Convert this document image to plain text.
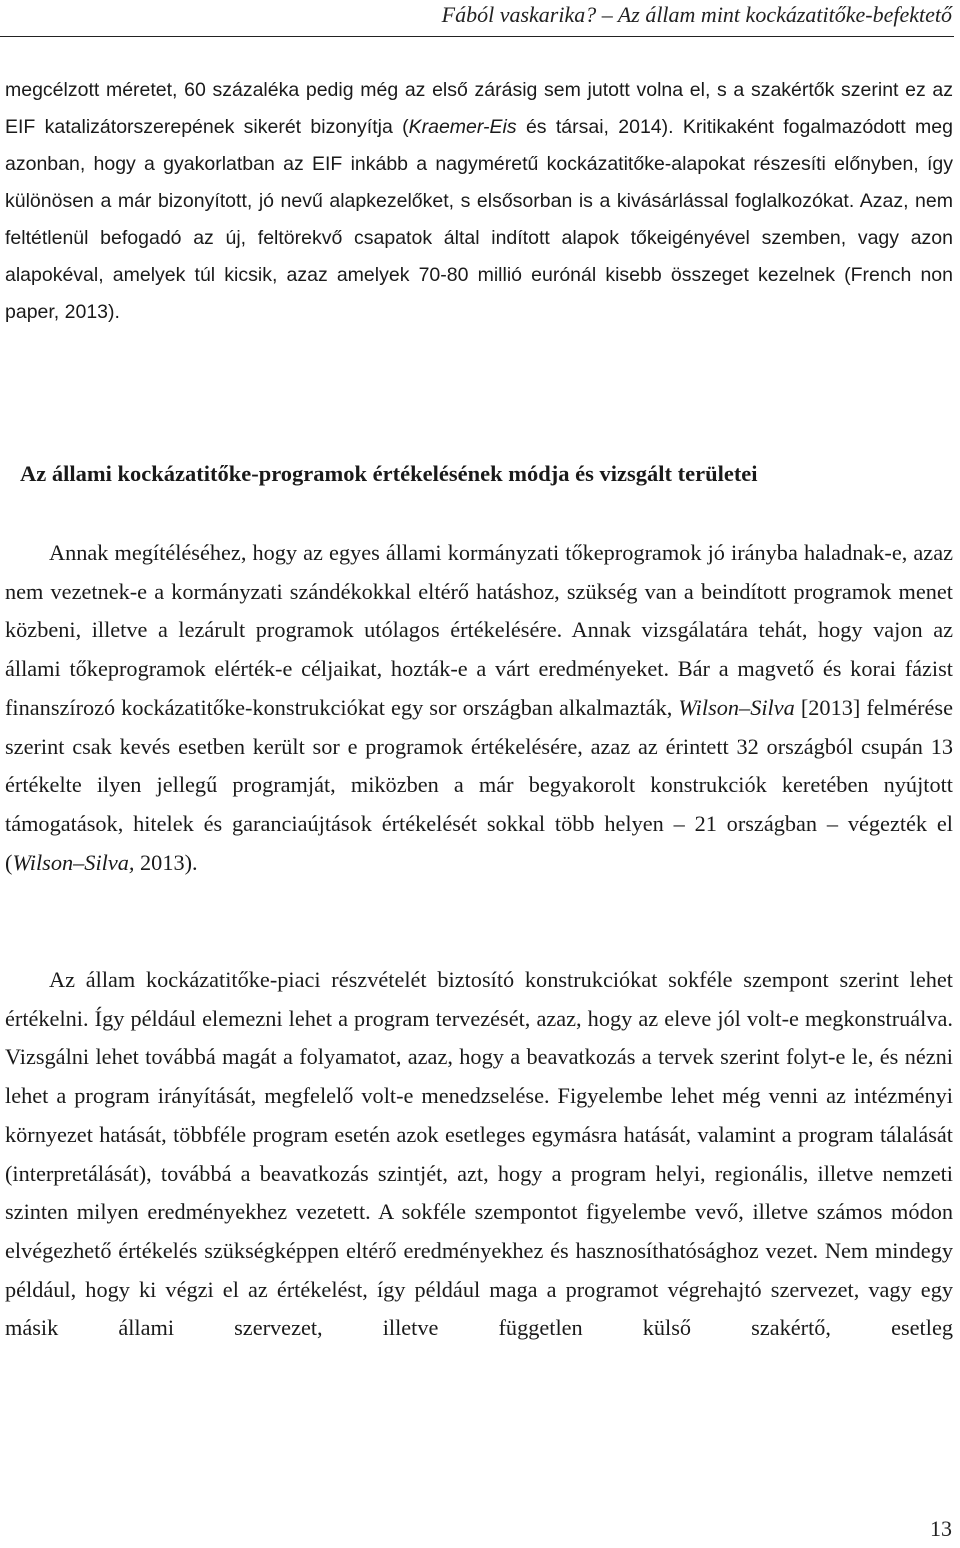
Fából vaskarika? – Az állam mint kockázatitőke-befektető

megcélzott méretet, 60 százaléka pedig még az első zárásig sem jutott volna el, s a szakértők szerint ez az EIF katalizátorszerepének sikerét bizonyítja (Kraemer-Eis és társai, 2014). Kritikaként fogalmazódott meg azonban, hogy a gyakorlatban az EIF inkább a nagyméretű kockázatitőke-alapokat részesíti előnyben, így különösen a már bizonyított, jó nevű alapkezelőket, s elsősorban is a kivásárlással foglalkozókat. Azaz, nem feltétlenül befogadó az új, feltörekvő csapatok által indított alapok tőkeigényével szemben, vagy azon alapokéval, amelyek túl kicsik, azaz amelyek 70-80 millió eurónál kisebb összeget kezelnek (French non paper, 2013).

Az állami kockázatitőke-programok értékelésének módja és vizsgált területei

Annak megítéléséhez, hogy az egyes állami kormányzati tőkeprogramok jó irányba haladnak-e, azaz nem vezetnek-e a kormányzati szándékokkal eltérő hatáshoz, szükség van a beindított programok menet közbeni, illetve a lezárult programok utólagos értékelésére. Annak vizsgálatára tehát, hogy vajon az állami tőkeprogramok elérték-e céljaikat, hozták-e a várt eredményeket. Bár a magvető és korai fázist finanszírozó kockázatitőke-konstrukciókat egy sor országban alkalmazták, Wilson–Silva [2013] felmérése szerint csak kevés esetben került sor e programok értékelésére, azaz az érintett 32 országból csupán 13 értékelte ilyen jellegű programját, miközben a már begyakorolt konstrukciók keretében nyújtott támogatások, hitelek és garanciaújtások értékelését sokkal több helyen – 21 országban – végezték el (Wilson–Silva, 2013).

Az állam kockázatitőke-piaci részvételét biztosító konstrukciókat sokféle szempont szerint lehet értékelni. Így például elemezni lehet a program tervezését, azaz, hogy az eleve jól volt-e megkonstruálva. Vizsgálni lehet továbbá magát a folyamatot, azaz, hogy a beavatkozás a tervek szerint folyt-e le, és nézni lehet a program irányítását, megfelelő volt-e menedzselése. Figyelembe lehet még venni az intézményi környezet hatását, többféle program esetén azok esetleges egymásra hatását, valamint a program tálalását (interpretálását), továbbá a beavatkozás szintjét, azt, hogy a program helyi, regionális, illetve nemzeti szinten milyen eredményekhez vezetett. A sokféle szempontot figyelembe vevő, illetve számos módon elvégezhető értékelés szükségképpen eltérő eredményekhez és hasznosíthatósághoz vezet. Nem mindegy például, hogy ki végzi el az értékelést, így például maga a programot végrehajtó szervezet, vagy egy másik állami szervezet, illetve független külső szakértő, esetleg

13
